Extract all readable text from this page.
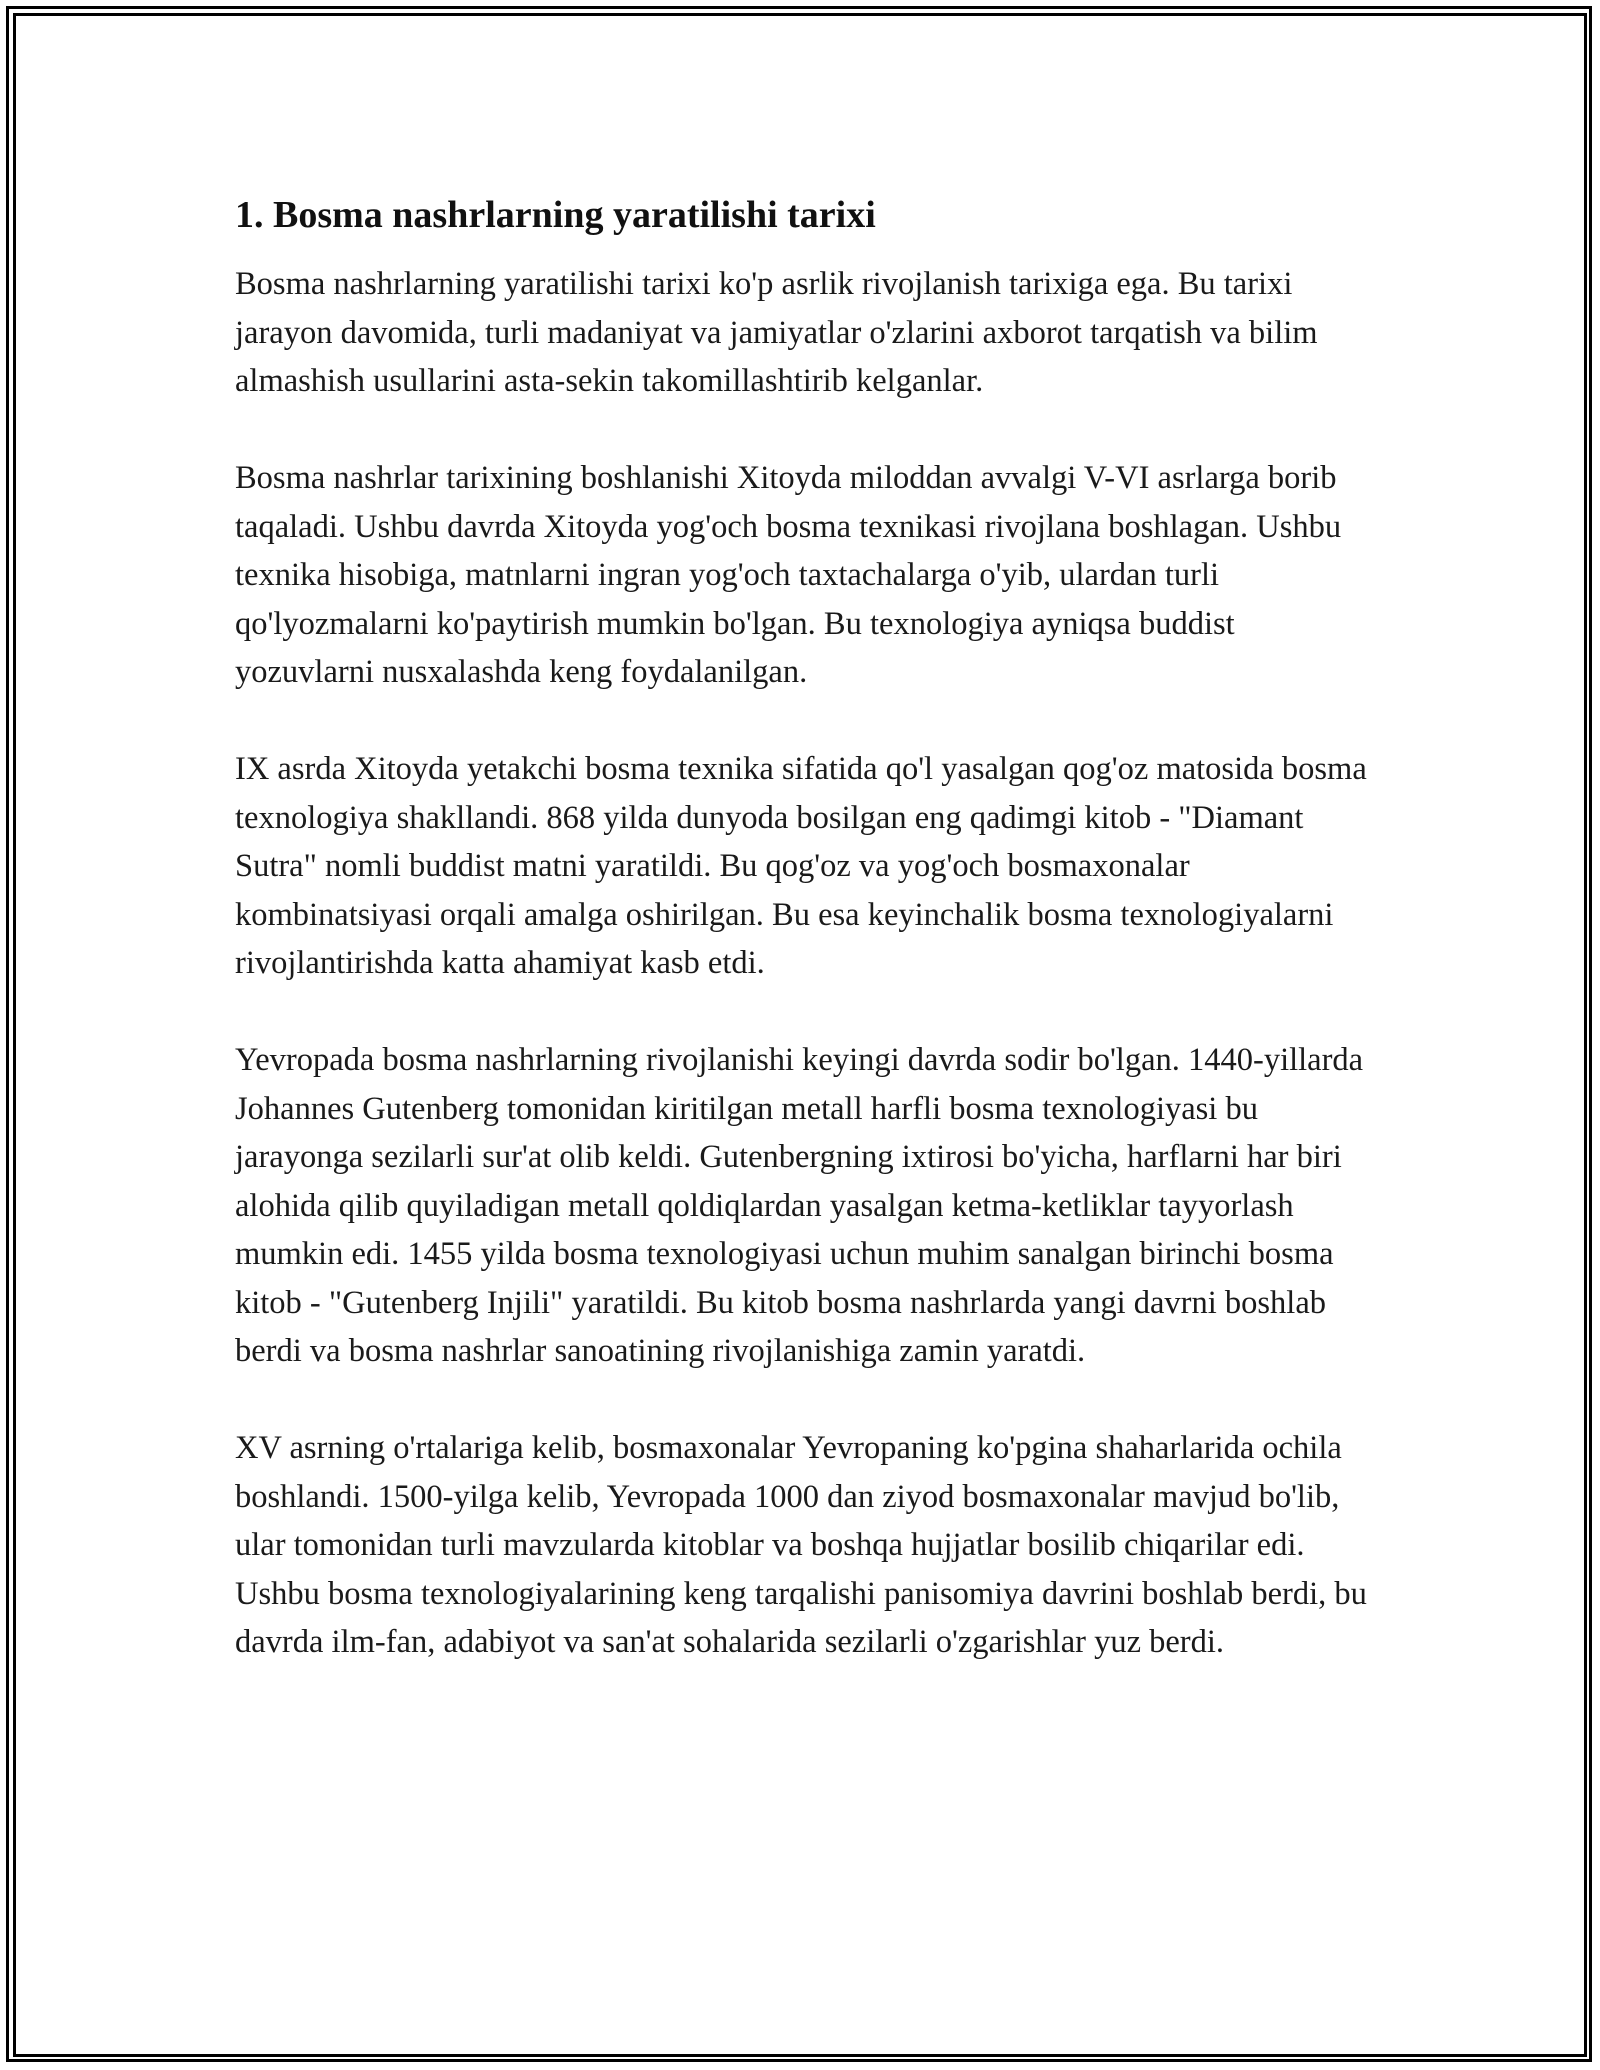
1. Bosma nashrlarning yaratilishi tarixi

Bosma nashrlarning yaratilishi tarixi ko'p asrlik rivojlanish tarixiga ega. Bu tarixi jarayon davomida, turli madaniyat va jamiyatlar o'zlarini axborot tarqatish va bilim almashish usullarini asta-sekin takomillashtirib kelganlar.

Bosma nashrlar tarixining boshlanishi Xitoyda miloddan avvalgi V-VI asrlarga borib taqaladi. Ushbu davrda Xitoyda yog'och bosma texnikasi rivojlana boshlagan. Ushbu texnika hisobiga, matnlarni ingran yog'och taxtachalarga o'yib, ulardan turli qo'lyozmalarni ko'paytirish mumkin bo'lgan. Bu texnologiya ayniqsa buddist yozuvlarni nusxalashda keng foydalanilgan.

IX asrda Xitoyda yetakchi bosma texnika sifatida qo'l yasalgan qog'oz matosida bosma texnologiya shakllandi. 868 yilda dunyoda bosilgan eng qadimgi kitob - "Diamant Sutra" nomli buddist matni yaratildi. Bu qog'oz va yog'och bosmaxonalar kombinatsiyasi orqali amalga oshirilgan. Bu esa keyinchalik bosma texnologiyalarni rivojlantirishda katta ahamiyat kasb etdi.

Yevropada bosma nashrlarning rivojlanishi keyingi davrda sodir bo'lgan. 1440-yillarda Johannes Gutenberg tomonidan kiritilgan metall harfli bosma texnologiyasi bu jarayonga sezilarli sur'at olib keldi. Gutenbergning ixtirosi bo'yicha, harflarni har biri alohida qilib quyiladigan metall qoldiqlardan yasalgan ketma-ketliklar tayyorlash mumkin edi. 1455 yilda bosma texnologiyasi uchun muhim sanalgan birinchi bosma kitob - "Gutenberg Injili" yaratildi. Bu kitob bosma nashrlarda yangi davrni boshlab berdi va bosma nashrlar sanoatining rivojlanishiga zamin yaratdi.

XV asrning o'rtalariga kelib, bosmaxonalar Yevropaning ko'pgina shaharlarida ochila boshlandi. 1500-yilga kelib, Yevropada 1000 dan ziyod bosmaxonalar mavjud bo'lib, ular tomonidan turli mavzularda kitoblar va boshqa hujjatlar bosilib chiqarilar edi. Ushbu bosma texnologiyalarining keng tarqalishi panisomiya davrini boshlab berdi, bu davrda ilm-fan, adabiyot va san'at sohalarida sezilarli o'zgarishlar yuz berdi.
